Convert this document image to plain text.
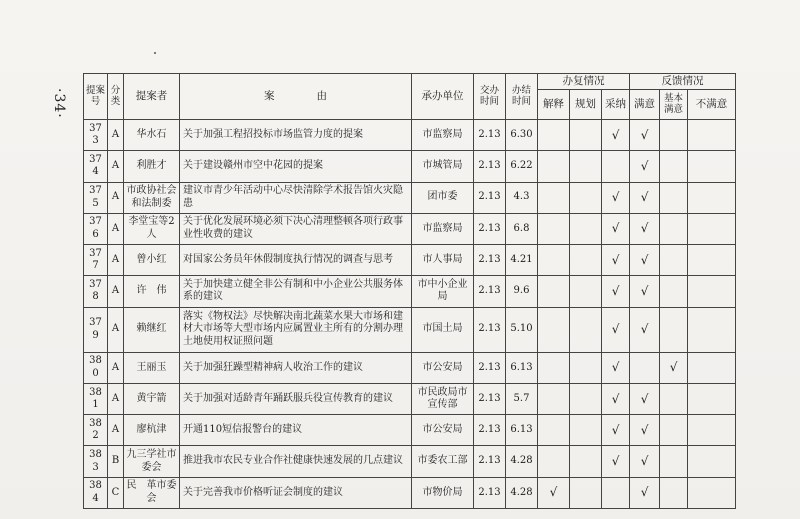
·34·	提案号	分类	提案者	案　　　　由	承办单位	交办时间	办结时间	办复情况			反馈情况		
							解释	规划	采纳	满意	基本满意	不满意
373	A	华水石	关于加强工程招投标市场监管力度的提案	市监察局	2.13	6.30			√	√		
374	A	利胜才	关于建设赣州市空中花园的提案	市城管局	2.13	6.22				√		
375	A	市政协社会和法制委	建议市青少年活动中心尽快清除学术报告馆火灾隐患	团市委	2.13	4.3			√	√		
376	A	李堂宝等2人	关于优化发展环境必须下决心清理整顿各项行政事业性收费的建议	市监察局	2.13	6.8			√	√		
377	A	曾小红	对国家公务员年休假制度执行情况的调查与思考	市人事局	2.13	4.21			√	√		
378	A	许　伟	关于加快建立健全非公有制和中小企业公共服务体系的建议	市中小企业局	2.13	9.6			√	√		
379	A	赖继红	落实《物权法》尽快解决南北蔬菜水果大市场和建材大市场等大型市场内应属置业主所有的分割办理土地使用权证照问题	市国土局	2.13	5.10			√	√		
380	A	王丽玉	关于加强狂躁型精神病人收治工作的建议	市公安局	2.13	6.13			√		√	
381	A	黄宇箭	关于加强对适龄青年踊跃服兵役宣传教育的建议	市民政局市宣传部	2.13	5.7			√	√		
382	A	廖杭津	开通110短信报警台的建议	市公安局	2.13	6.13			√	√		
383	B	九三学社市委会	推进我市农民专业合作社健康快速发展的几点建议	市委农工部	2.13	4.28			√	√		
384	C	民　革市委会	关于完善我市价格听证会制度的建议	市物价局	2.13	4.28	√			√		
